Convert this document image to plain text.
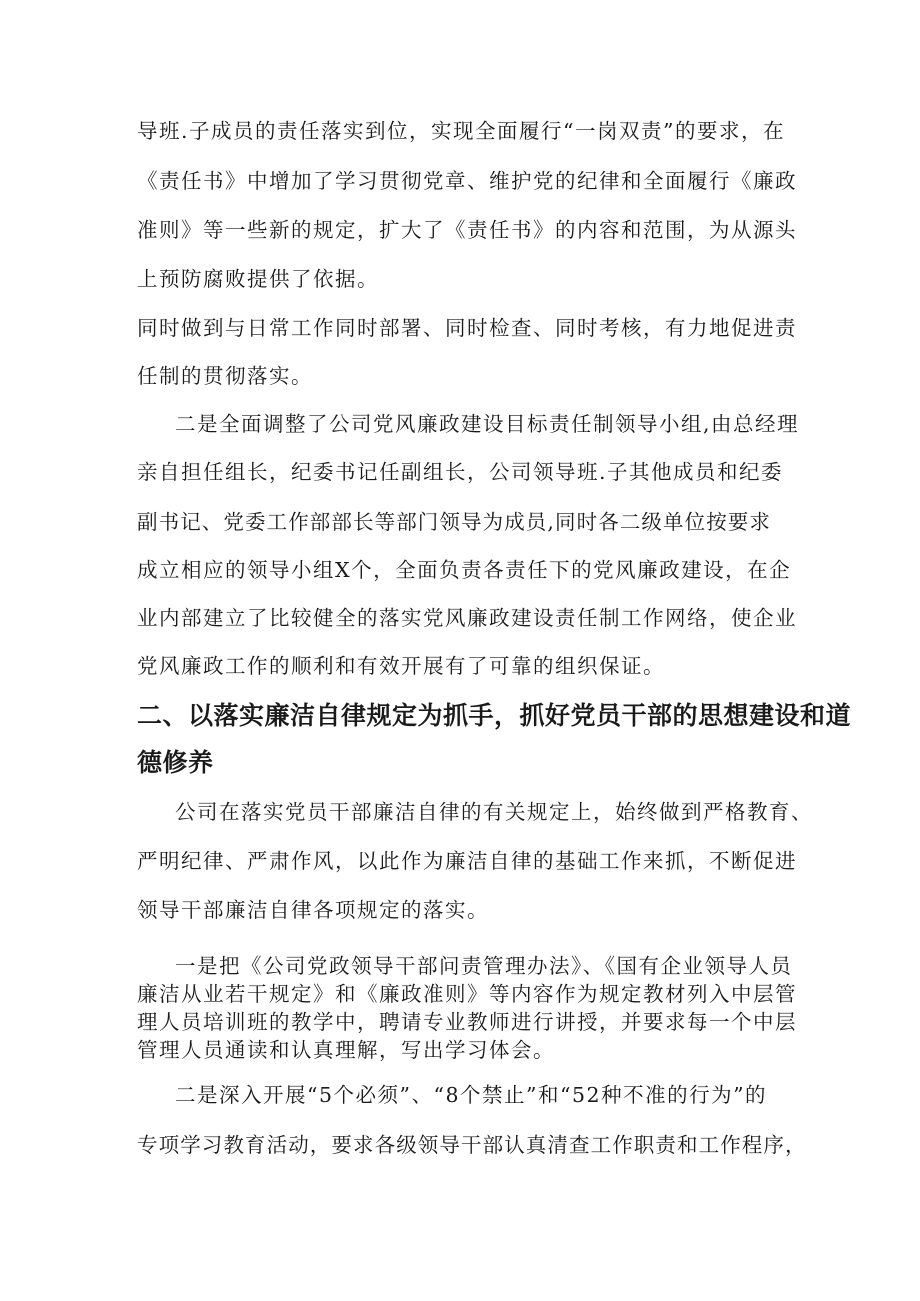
导班.子成员的责任落实到位，实现全面履行“一岗双责”的要求，在
《责任书》中增加了学习贯彻党章、维护党的纪律和全面履行《廉政
准则》等一些新的规定，扩大了《责任书》的内容和范围，为从源头
上预防腐败提供了依据。
同时做到与日常工作同时部署、同时检查、同时考核，有力地促进责
任制的贯彻落实。
二是全面调整了公司党风廉政建设目标责任制领导小组,由总经理
亲自担任组长，纪委书记任副组长，公司领导班.子其他成员和纪委
副书记、党委工作部部长等部门领导为成员,同时各二级单位按要求
成立相应的领导小组X个，全面负责各责任下的党风廉政建设，在企
业内部建立了比较健全的落实党风廉政建设责任制工作网络，使企业
党风廉政工作的顺利和有效开展有了可靠的组织保证。
二、以落实廉洁自律规定为抓手，抓好党员干部的思想建设和道
德修养
公司在落实党员干部廉洁自律的有关规定上，始终做到严格教育、
严明纪律、严肃作风，以此作为廉洁自律的基础工作来抓，不断促进
领导干部廉洁自律各项规定的落实。
一是把《公司党政领导干部问责管理办法》、《国有企业领导人员
廉洁从业若干规定》和《廉政准则》等内容作为规定教材列入中层管
理人员培训班的教学中，聘请专业教师进行讲授，并要求每一个中层
管理人员通读和认真理解，写出学习体会。
二是深入开展“5个必须”、“8个禁止”和“52种不准的行为”的
专项学习教育活动，要求各级领导干部认真清查工作职责和工作程序，
